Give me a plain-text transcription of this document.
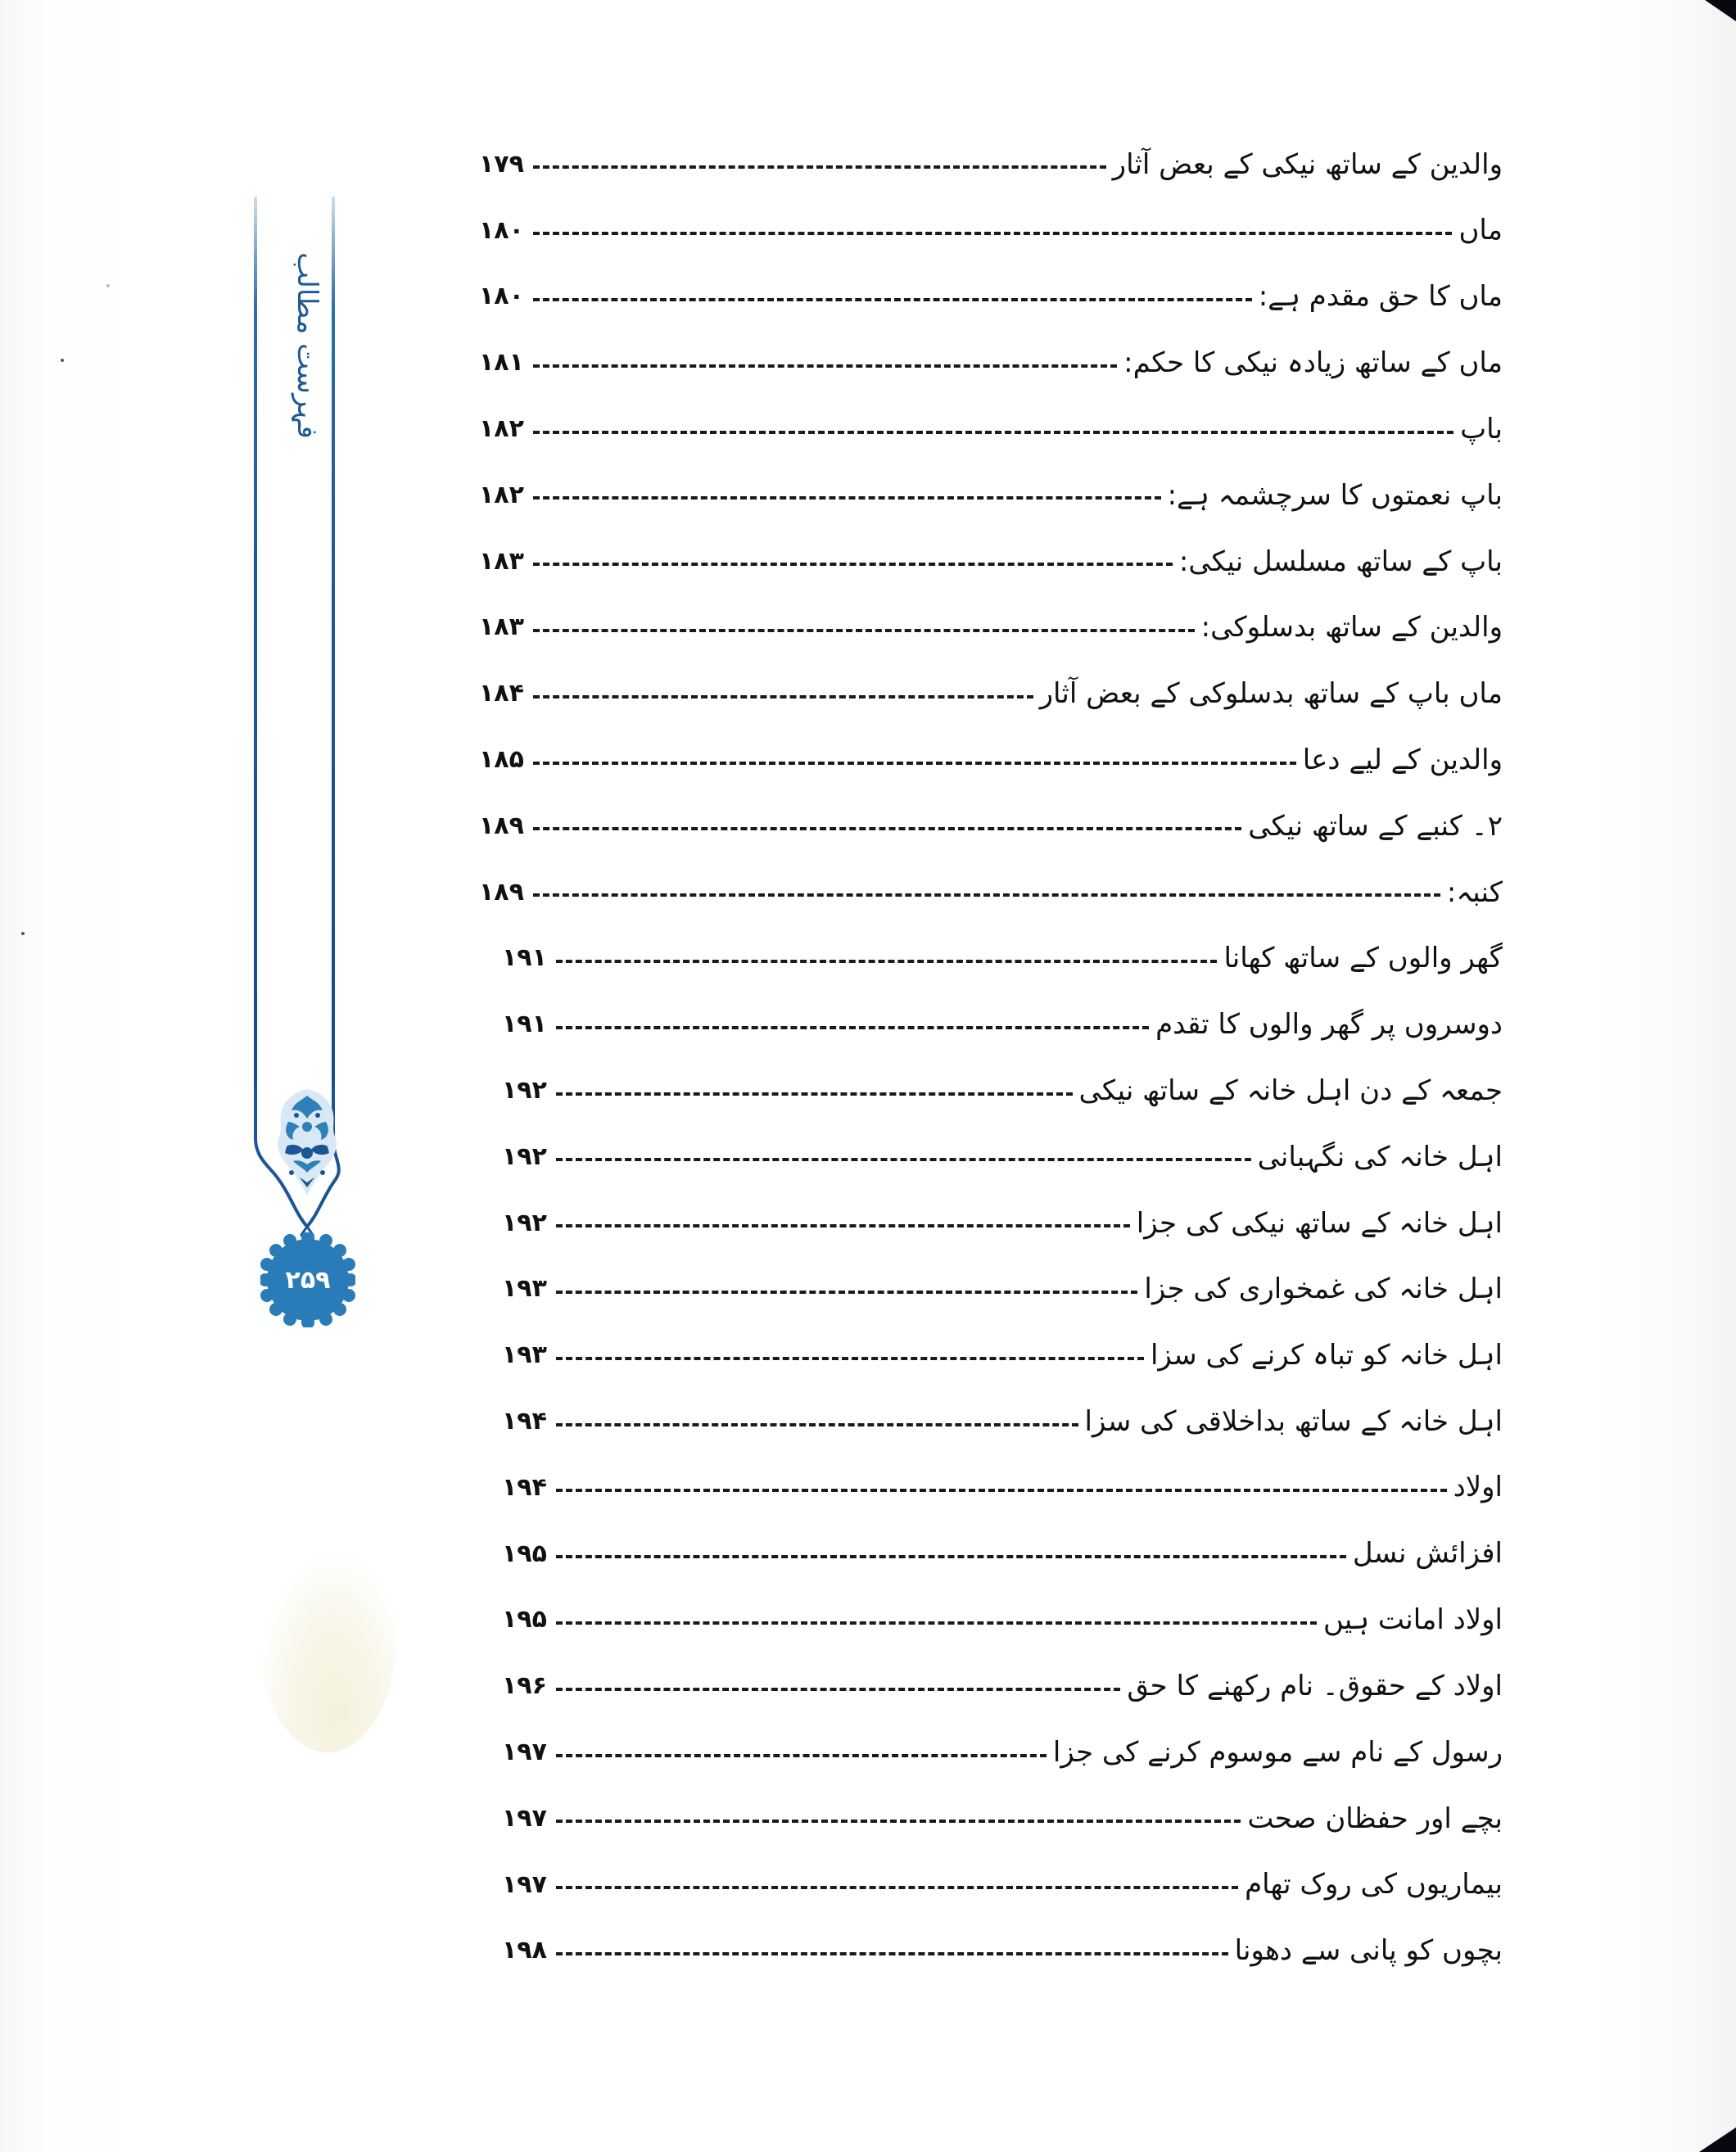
فہرست مطالب
۲۵۹
والدین کے ساتھ نیکی کے بعض آثار
۱۷۹
ماں
۱۸۰
ماں کا حق مقدم ہے:
۱۸۰
ماں کے ساتھ زیادہ نیکی کا حکم:
۱۸۱
باپ
۱۸۲
باپ نعمتوں کا سرچشمہ ہے:
۱۸۲
باپ کے ساتھ مسلسل نیکی:
۱۸۳
والدین کے ساتھ بدسلوکی:
۱۸۳
ماں باپ کے ساتھ بدسلوکی کے بعض آثار
۱۸۴
والدین کے لیے دعا
۱۸۵
۲۔ کنبے کے ساتھ نیکی
۱۸۹
کنبہ:
۱۸۹
گھر والوں کے ساتھ کھانا
۱۹۱
دوسروں پر گھر والوں کا تقدم
۱۹۱
جمعہ کے دن اہل خانہ کے ساتھ نیکی
۱۹۲
اہل خانہ کی نگہبانی
۱۹۲
اہل خانہ کے ساتھ نیکی کی جزا
۱۹۲
اہل خانہ کی غمخواری کی جزا
۱۹۳
اہل خانہ کو تباہ کرنے کی سزا
۱۹۳
اہل خانہ کے ساتھ بداخلاقی کی سزا
۱۹۴
اولاد
۱۹۴
افزائش نسل
۱۹۵
اولاد امانت ہیں
۱۹۵
اولاد کے حقوق۔ نام رکھنے کا حق
۱۹۶
رسول کے نام سے موسوم کرنے کی جزا
۱۹۷
بچے اور حفظان صحت
۱۹۷
بیماریوں کی روک تھام
۱۹۷
بچوں کو پانی سے دھونا
۱۹۸
